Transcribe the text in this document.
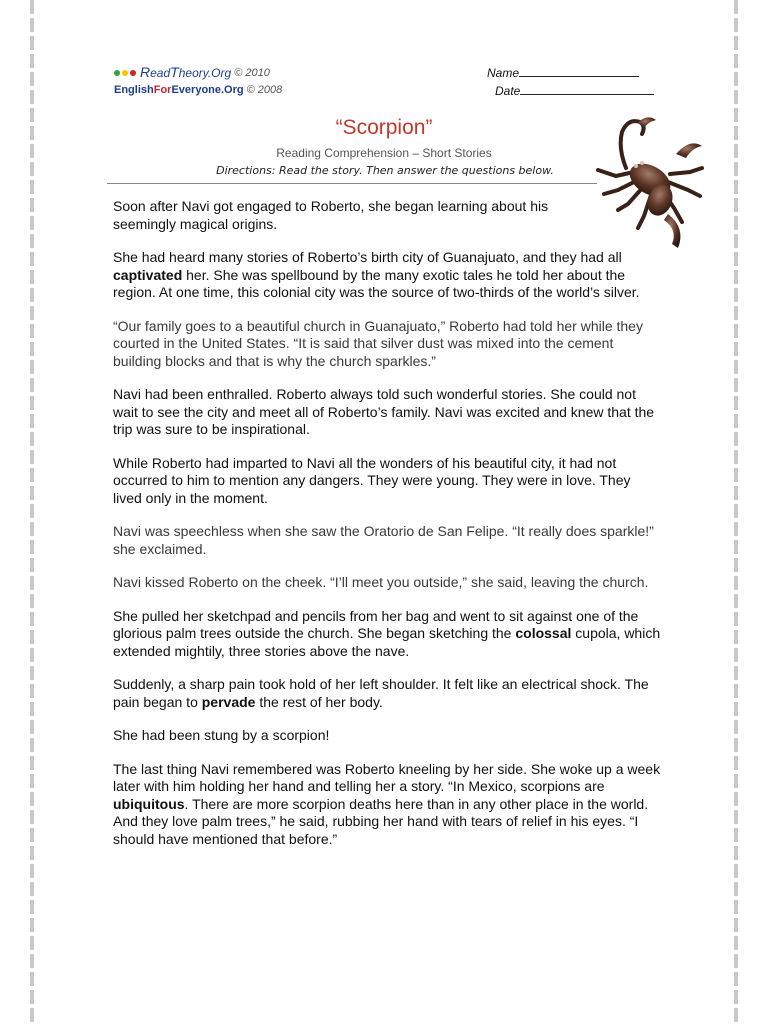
ReadTheory.Org © 2010
EnglishForEveryone.Org © 2008
Name
Date
“Scorpion”
Reading Comprehension – Short Stories
Directions: Read the story. Then answer the questions below.

Soon after Navi got engaged to Roberto, she began learning about his seemingly magical origins.

She had heard many stories of Roberto’s birth city of Guanajuato, and they had all captivated her. She was spellbound by the many exotic tales he told her about the region. At one time, this colonial city was the source of two-thirds of the world’s silver.

“Our family goes to a beautiful church in Guanajuato,” Roberto had told her while they courted in the United States. “It is said that silver dust was mixed into the cement building blocks and that is why the church sparkles.”

Navi had been enthralled. Roberto always told such wonderful stories. She could not wait to see the city and meet all of Roberto’s family. Navi was excited and knew that the trip was sure to be inspirational.

While Roberto had imparted to Navi all the wonders of his beautiful city, it had not occurred to him to mention any dangers. They were young. They were in love. They lived only in the moment.

Navi was speechless when she saw the Oratorio de San Felipe. “It really does sparkle!” she exclaimed.

Navi kissed Roberto on the cheek. “I’ll meet you outside,” she said, leaving the church.

She pulled her sketchpad and pencils from her bag and went to sit against one of the glorious palm trees outside the church. She began sketching the colossal cupola, which extended mightily, three stories above the nave.

Suddenly, a sharp pain took hold of her left shoulder. It felt like an electrical shock. The pain began to pervade the rest of her body.

She had been stung by a scorpion!

The last thing Navi remembered was Roberto kneeling by her side. She woke up a week later with him holding her hand and telling her a story. “In Mexico, scorpions are ubiquitous. There are more scorpion deaths here than in any other place in the world. And they love palm trees,” he said, rubbing her hand with tears of relief in his eyes. “I should have mentioned that before.”
